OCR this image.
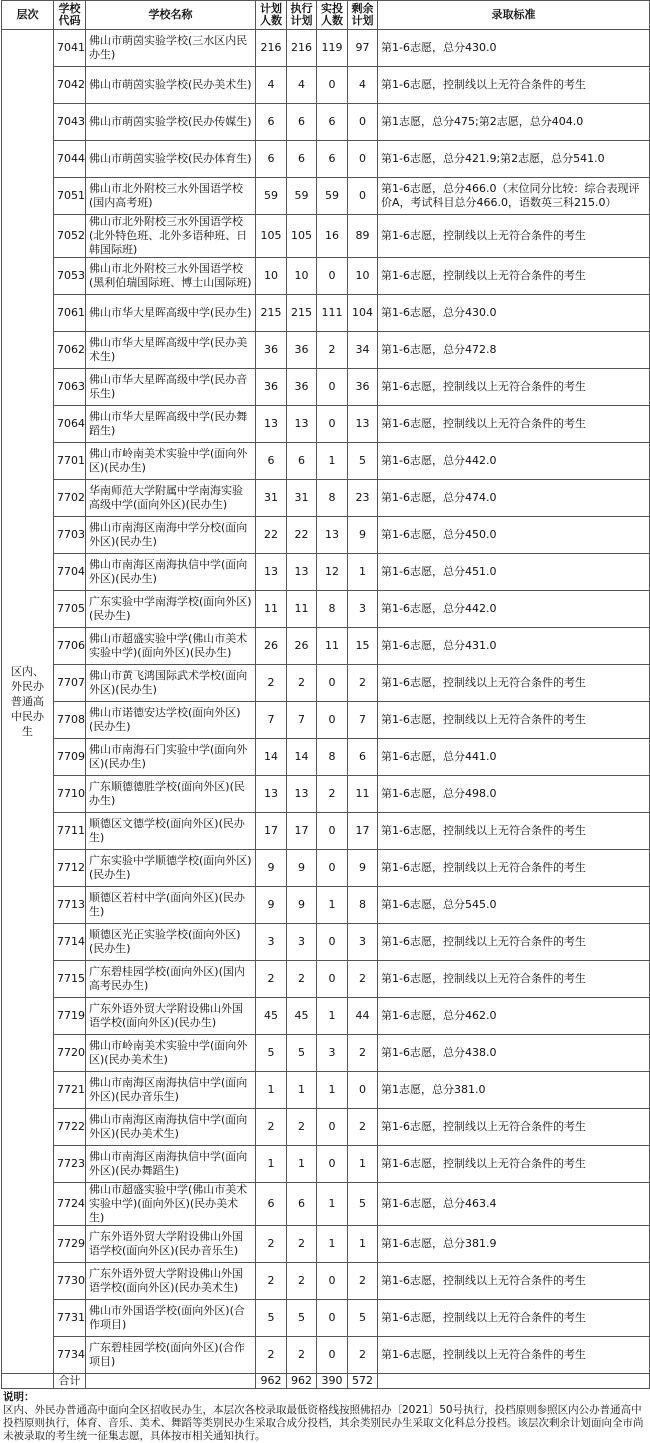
层次	学校代码	学校名称	计划人数	执行计划	实投人数	剩余计划	录取标准
区内、外民办普通高中民办生	7041	佛山市萌茵实验学校(三水区内民办生)	216	216	119	97	第1-6志愿，总分430.0
	7042	佛山市萌茵实验学校(民办美术生)	4	4	0	4	第1-6志愿，控制线以上无符合条件的考生
	7043	佛山市萌茵实验学校(民办传媒生)	6	6	6	0	第1志愿，总分475;第2志愿，总分404.0
	7044	佛山市萌茵实验学校(民办体育生)	6	6	6	0	第1-6志愿，总分421.9;第2志愿，总分541.0
	7051	佛山市北外附校三水外国语学校(国内高考班)	59	59	59	0	第1-6志愿，总分466.0（末位同分比较：综合表现评价A，考试科目总分466.0，语数英三科215.0）
	7052	佛山市北外附校三水外国语学校(北外特色班、北外多语种班、日韩国际班)	105	105	16	89	第1-6志愿，控制线以上无符合条件的考生
	7053	佛山市北外附校三水外国语学校(黑利伯瑞国际班、博士山国际班)	10	10	0	10	第1-6志愿，控制线以上无符合条件的考生
	7061	佛山市华大星晖高级中学(民办生)	215	215	111	104	第1-6志愿，总分430.0
	7062	佛山市华大星晖高级中学(民办美术生)	36	36	2	34	第1-6志愿，总分472.8
	7063	佛山市华大星晖高级中学(民办音乐生)	36	36	0	36	第1-6志愿，控制线以上无符合条件的考生
	7064	佛山市华大星晖高级中学(民办舞蹈生)	13	13	0	13	第1-6志愿，控制线以上无符合条件的考生
	7701	佛山市岭南美术实验中学(面向外区)(民办生)	6	6	1	5	第1-6志愿，总分442.0
	7702	华南师范大学附属中学南海实验高级中学(面向外区)(民办生)	31	31	8	23	第1-6志愿，总分474.0
	7703	佛山市南海区南海中学分校(面向外区)(民办生)	22	22	13	9	第1-6志愿，总分450.0
	7704	佛山市南海区南海执信中学(面向外区)(民办生)	13	13	12	1	第1-6志愿，总分451.0
	7705	广东实验中学南海学校(面向外区)(民办生)	11	11	8	3	第1-6志愿，总分442.0
	7706	佛山市超盛实验中学(佛山市美术实验中学)(面向外区)(民办生)	26	26	11	15	第1-6志愿，总分431.0
	7707	佛山市黄飞鸿国际武术学校(面向外区)(民办生)	2	2	0	2	第1-6志愿，控制线以上无符合条件的考生
	7708	佛山市诺德安达学校(面向外区)(民办生)	7	7	0	7	第1-6志愿，控制线以上无符合条件的考生
	7709	佛山市南海石门实验中学(面向外区)(民办生)	14	14	8	6	第1-6志愿，总分441.0
	7710	广东顺德德胜学校(面向外区)(民办生)	13	13	2	11	第1-6志愿，总分498.0
	7711	顺德区文德学校(面向外区)(民办生)	17	17	0	17	第1-6志愿，控制线以上无符合条件的考生
	7712	广东实验中学顺德学校(面向外区)(民办生)	9	9	0	9	第1-6志愿，控制线以上无符合条件的考生
	7713	顺德区若村中学(面向外区)(民办生)	9	9	1	8	第1-6志愿，总分545.0
	7714	顺德区光正实验学校(面向外区)(民办生)	3	3	0	3	第1-6志愿，控制线以上无符合条件的考生
	7715	广东碧桂园学校(面向外区)(国内高考民办生)	2	2	0	2	第1-6志愿，控制线以上无符合条件的考生
	7719	广东外语外贸大学附设佛山外国语学校(面向外区)(民办生)	45	45	1	44	第1-6志愿，总分462.0
	7720	佛山市岭南美术实验中学(面向外区)(民办美术生)	5	5	3	2	第1-6志愿，总分438.0
	7721	佛山市南海区南海执信中学(面向外区)(民办音乐生)	1	1	1	0	第1志愿，总分381.0
	7722	佛山市南海区南海执信中学(面向外区)(民办美术生)	2	2	0	2	第1-6志愿，控制线以上无符合条件的考生
	7723	佛山市南海区南海执信中学(面向外区)(民办舞蹈生)	1	1	0	1	第1-6志愿，控制线以上无符合条件的考生
	7724	佛山市超盛实验中学(佛山市美术实验中学)(面向外区)(民办美术生)	6	6	1	5	第1-6志愿，总分463.4
	7729	广东外语外贸大学附设佛山外国语学校(面向外区)(民办音乐生)	2	2	1	1	第1-6志愿，总分381.9
	7730	广东外语外贸大学附设佛山外国语学校(面向外区)(民办美术生)	2	2	0	2	第1-6志愿，控制线以上无符合条件的考生
	7731	佛山市外国语学校(面向外区)(合作项目)	5	5	0	5	第1-6志愿，控制线以上无符合条件的考生
	7734	广东碧桂园学校(面向外区)(合作项目)	2	2	0	2	第1-6志愿，控制线以上无符合条件的考生
	合计		962	962	390	572	
说明：
区内、外民办普通高中面向全区招收民办生，本层次各校录取最低资格线按照佛招办〔2021〕50号执行，投档原则参照区内公办普通高中投档原则执行，体育、音乐、美术、舞蹈等类别民办生采取合成分投档，其余类别民办生采取文化科总分投档。该层次剩余计划面向全市尚未被录取的考生统一征集志愿，具体按市相关通知执行。
